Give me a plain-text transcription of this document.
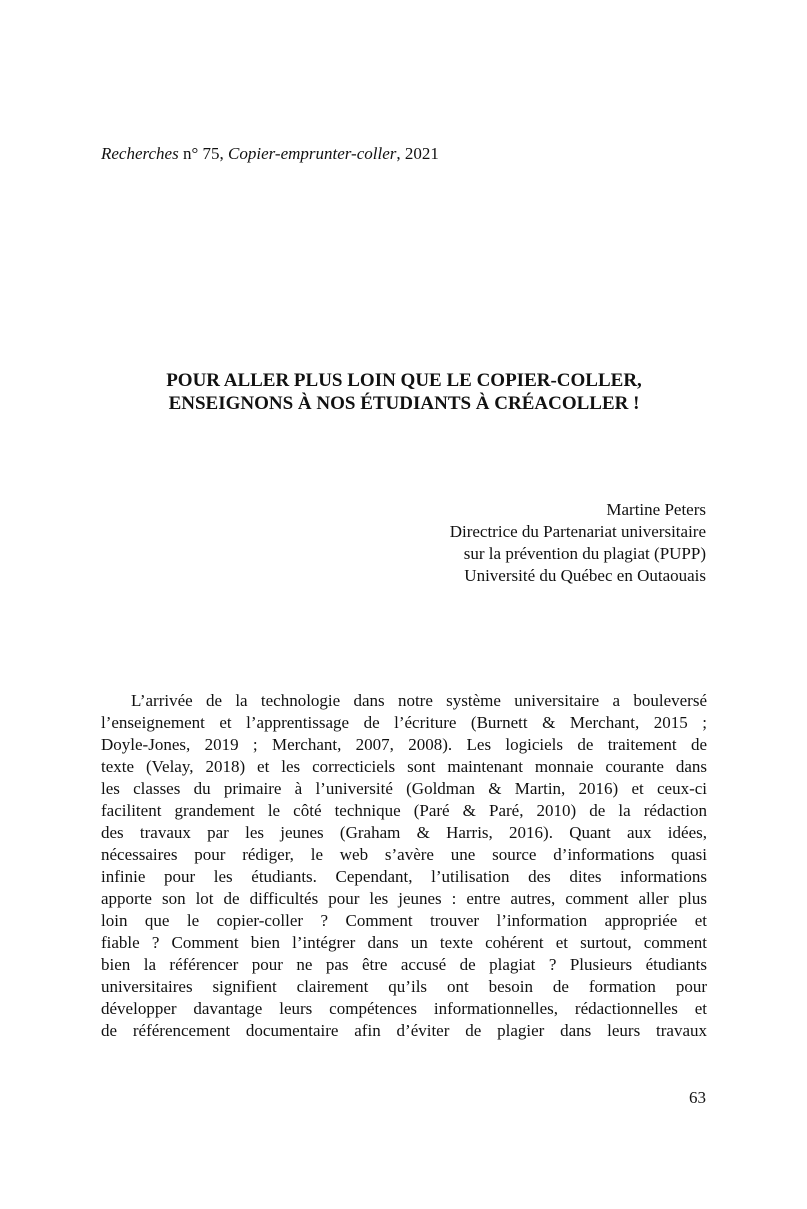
Recherches n° 75, Copier-emprunter-coller, 2021
POUR ALLER PLUS LOIN QUE LE COPIER-COLLER,
ENSEIGNONS À NOS ÉTUDIANTS À CRÉACOLLER !
Martine Peters
Directrice du Partenariat universitaire
sur la prévention du plagiat (PUPP)
Université du Québec en Outaouais
L’arrivée de la technologie dans notre système universitaire a bouleversé
l’enseignement et l’apprentissage de l’écriture (Burnett & Merchant, 2015 ;
Doyle-Jones, 2019 ; Merchant, 2007, 2008). Les logiciels de traitement de
texte (Velay, 2018) et les correcticiels sont maintenant monnaie courante dans
les classes du primaire à l’université (Goldman & Martin, 2016) et ceux-ci
facilitent grandement le côté technique (Paré & Paré, 2010) de la rédaction
des travaux par les jeunes (Graham & Harris, 2016). Quant aux idées,
nécessaires pour rédiger, le web s’avère une source d’informations quasi
infinie pour les étudiants. Cependant, l’utilisation des dites informations
apporte son lot de difficultés pour les jeunes : entre autres, comment aller plus
loin que le copier-coller ? Comment trouver l’information appropriée et
fiable ? Comment bien l’intégrer dans un texte cohérent et surtout, comment
bien la référencer pour ne pas être accusé de plagiat ? Plusieurs étudiants
universitaires signifient clairement qu’ils ont besoin de formation pour
développer davantage leurs compétences informationnelles, rédactionnelles et
de référencement documentaire afin d’éviter de plagier dans leurs travaux
63
